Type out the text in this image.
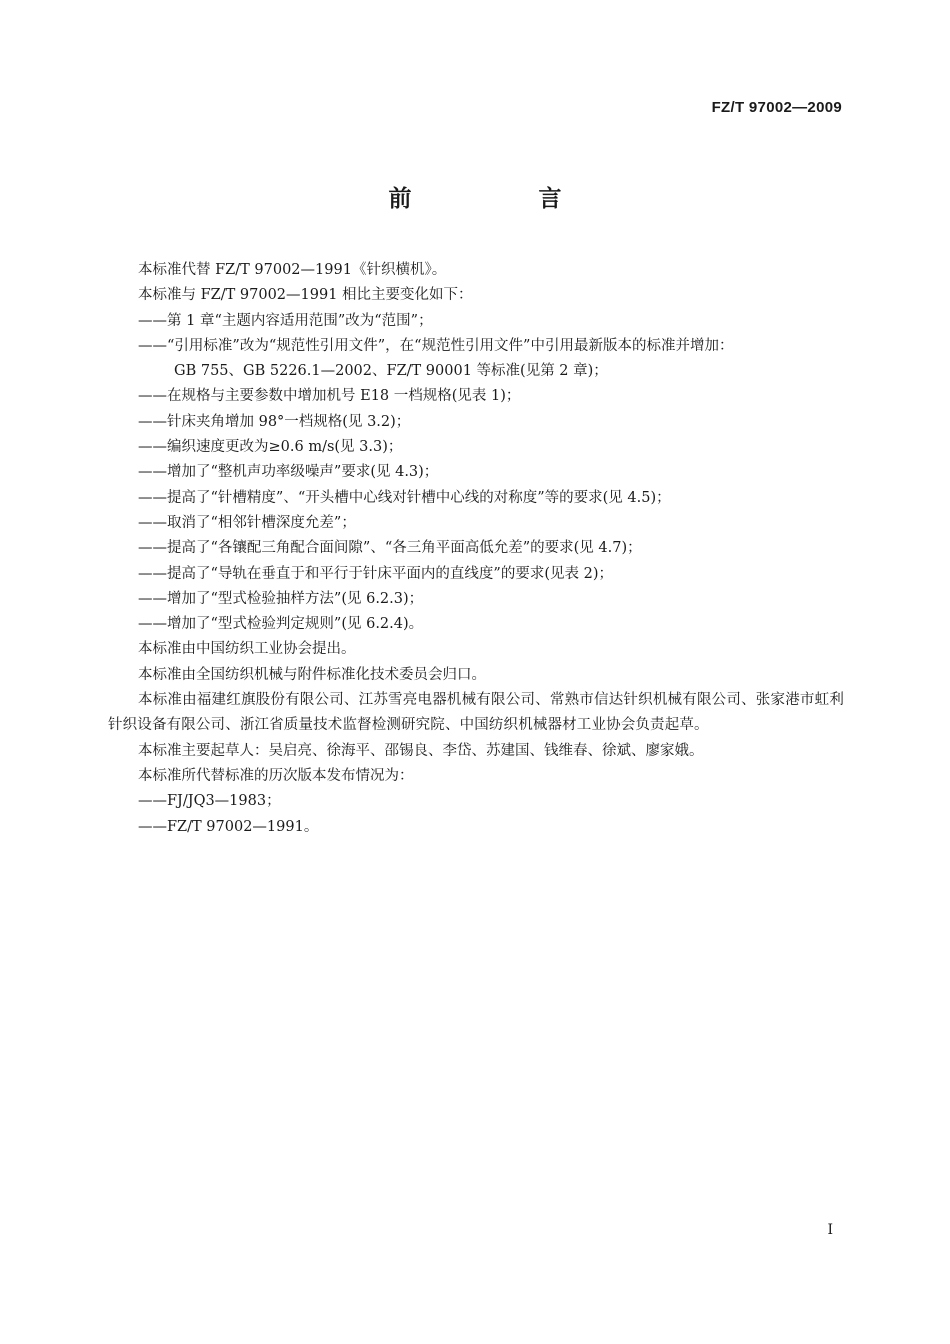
FZ/T 97002—2009
前　言

本标准代替 FZ/T 97002—1991《针织横机》。

本标准与 FZ/T 97002—1991 相比主要变化如下：

——第 1 章“主题内容适用范围”改为“范围”；

——“引用标准”改为“规范性引用文件”，在“规范性引用文件”中引用最新版本的标准并增加：

GB 755、GB 5226.1—2002、FZ/T 90001 等标准(见第 2 章)；

——在规格与主要参数中增加机号 E18 一档规格(见表 1)；

——针床夹角增加 98°一档规格(见 3.2)；

——编织速度更改为≥0.6 m/s(见 3.3)；

——增加了“整机声功率级噪声”要求(见 4.3)；

——提高了“针槽精度”、“开头槽中心线对针槽中心线的对称度”等的要求(见 4.5)；

——取消了“相邻针槽深度允差”；

——提高了“各镶配三角配合面间隙”、“各三角平面高低允差”的要求(见 4.7)；

——提高了“导轨在垂直于和平行于针床平面内的直线度”的要求(见表 2)；

——增加了“型式检验抽样方法”(见 6.2.3)；

——增加了“型式检验判定规则”(见 6.2.4)。

本标准由中国纺织工业协会提出。

本标准由全国纺织机械与附件标准化技术委员会归口。

本标准由福建红旗股份有限公司、江苏雪亮电器机械有限公司、常熟市信达针织机械有限公司、张家港市虹利针织设备有限公司、浙江省质量技术监督检测研究院、中国纺织机械器材工业协会负责起草。

本标准主要起草人：吴启亮、徐海平、邵锡良、李岱、苏建国、钱维春、徐斌、廖家娥。

本标准所代替标准的历次版本发布情况为：

——FJ/JQ3—1983；

——FZ/T 97002—1991。

I
